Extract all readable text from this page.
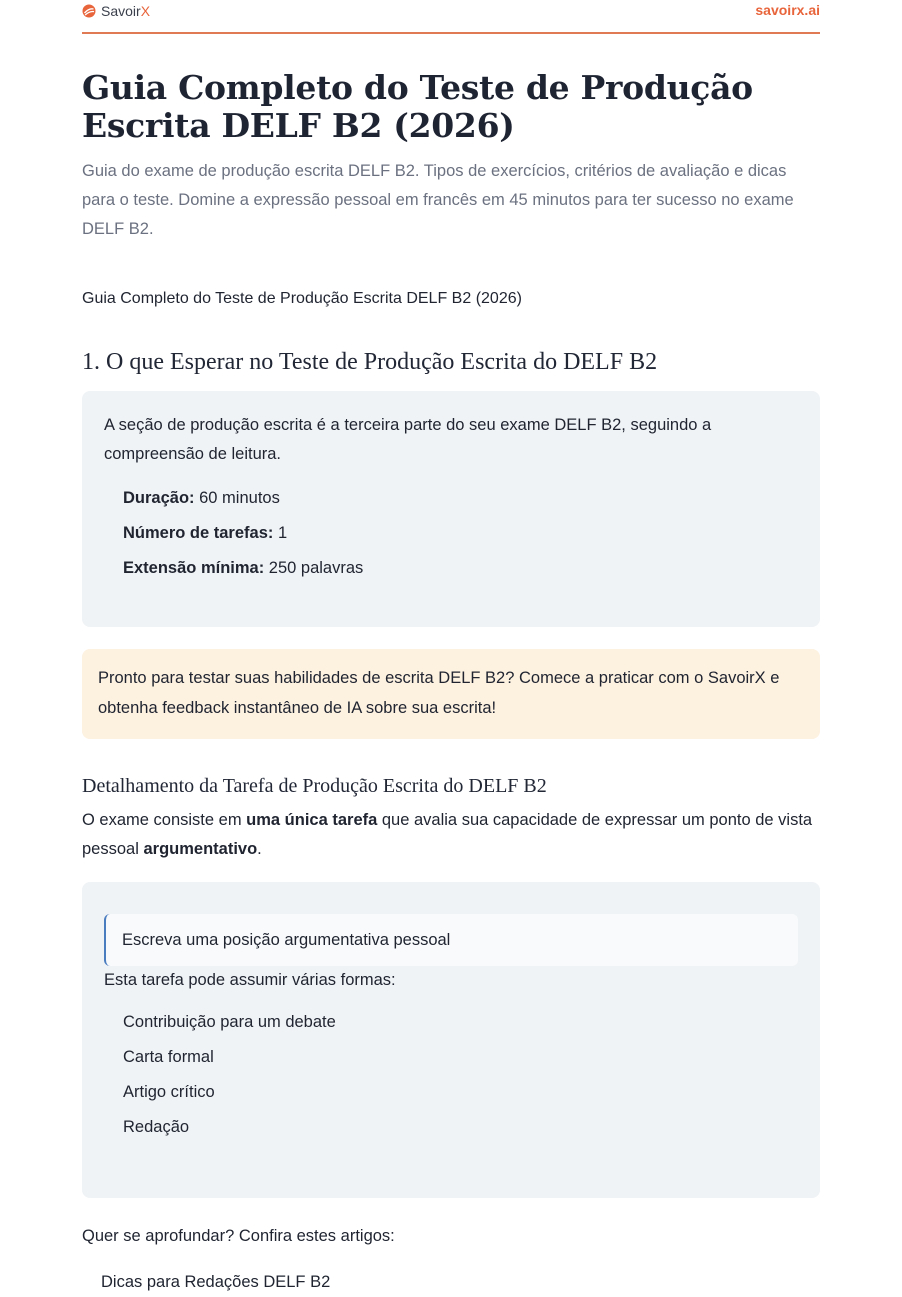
SavoirX	savoirx.ai
Guia Completo do Teste de Produção Escrita DELF B2 (2026)

Guia do exame de produção escrita DELF B2. Tipos de exercícios, critérios de avaliação e dicas para o teste. Domine a expressão pessoal em francês em 45 minutos para ter sucesso no exame DELF B2.

Guia Completo do Teste de Produção Escrita DELF B2 (2026)

1. O que Esperar no Teste de Produção Escrita do DELF B2

A seção de produção escrita é a terceira parte do seu exame DELF B2, seguindo a compreensão de leitura.

Duração: 60 minutos
Número de tarefas: 1
Extensão mínima: 250 palavras
Pronto para testar suas habilidades de escrita DELF B2? Comece a praticar com o SavoirX e obtenha feedback instantâneo de IA sobre sua escrita!
Detalhamento da Tarefa de Produção Escrita do DELF B2

O exame consiste em uma única tarefa que avalia sua capacidade de expressar um ponto de vista pessoal argumentativo.

Escreva uma posição argumentativa pessoal

Esta tarefa pode assumir várias formas:

Contribuição para um debate
Carta formal
Artigo crítico
Redação

Quer se aprofundar? Confira estes artigos:

Dicas para Redações DELF B2
